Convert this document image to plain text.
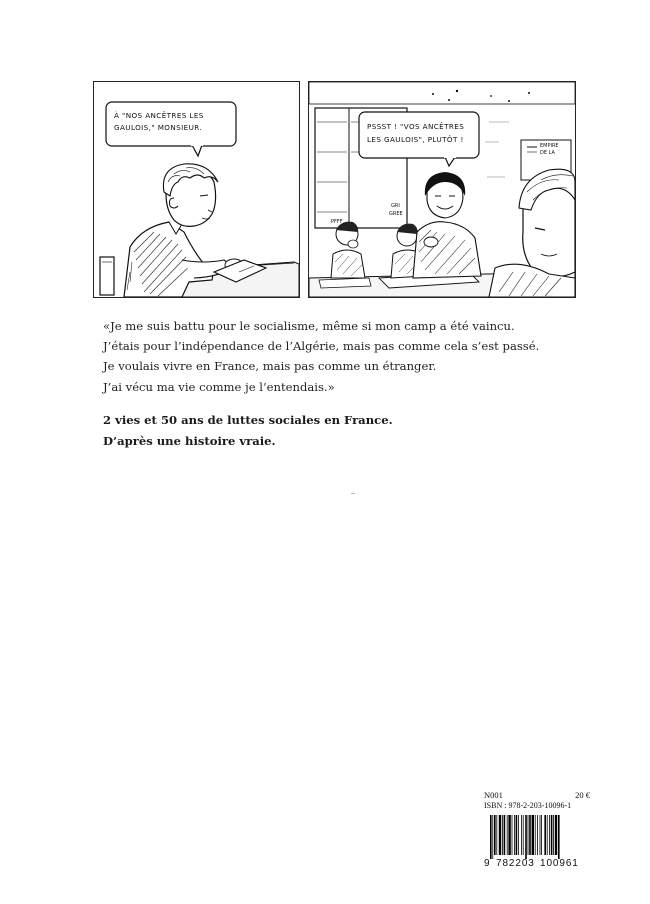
À "NOS ANCÊTRES LES
GAULOIS," MONSIEUR.	PSSST ! "VOS ANCÊTRES
LES GAULOIS", PLUTÔT !
PFFF
GRI
GREE
EMPIRE
DE LA
«Je me suis battu pour le socialisme, même si mon camp a été vaincu.
J’étais pour l’indépendance de l’Algérie, mais pas comme cela s’est passé.
Je voulais vivre en France, mais pas comme un étranger.
J’ai vécu ma vie comme je l’entendais.»
2 vies et 50 ans de luttes sociales en France.
D’après une histoire vraie.
N001	20 €
ISBN : 978-2-203-10096-1
9 782203 100961
